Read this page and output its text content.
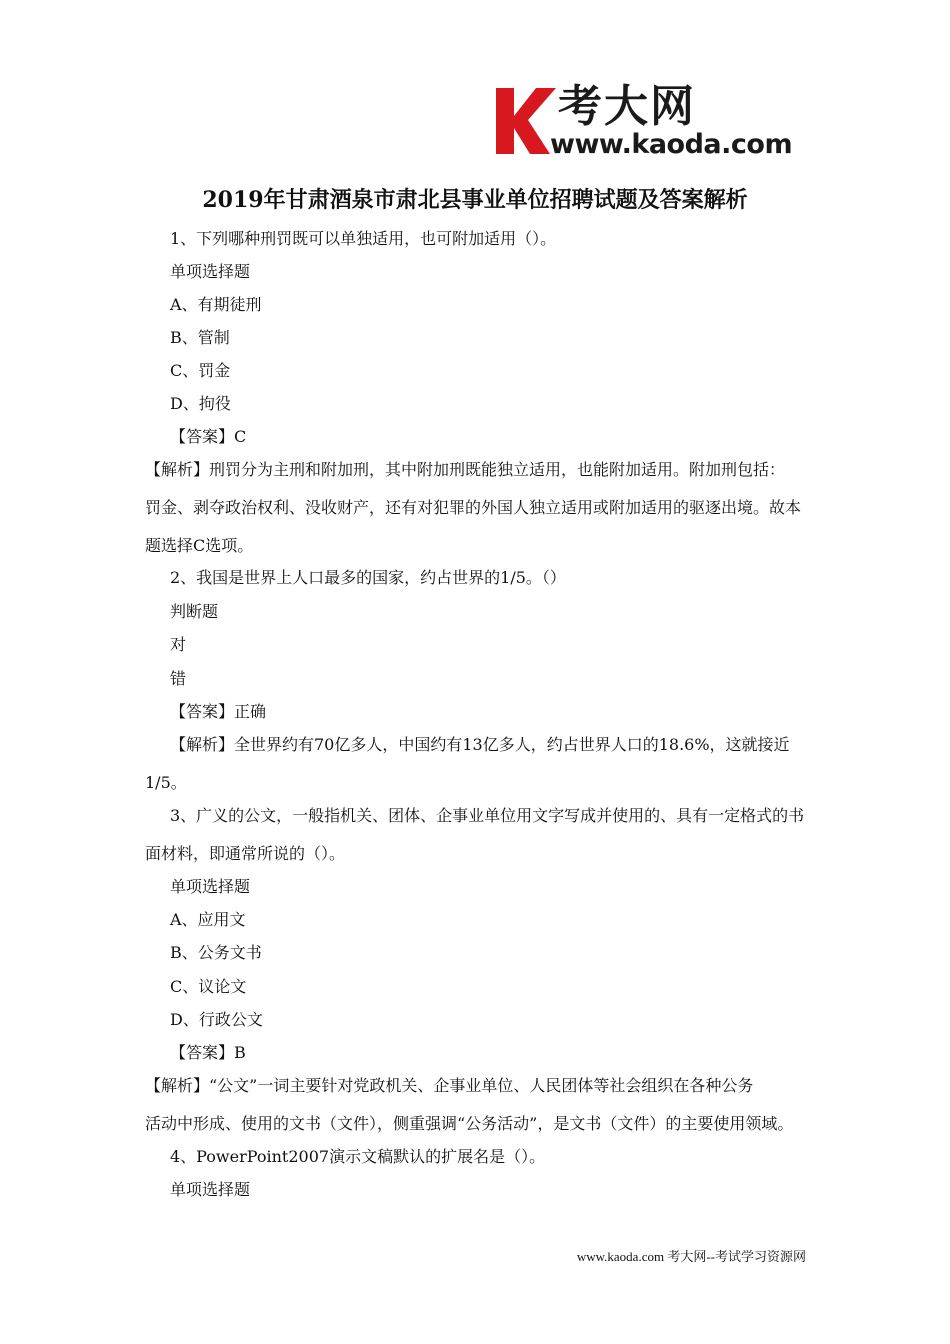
考大网
www.kaoda.com
2019年甘肃酒泉市肃北县事业单位招聘试题及答案解析
1、下列哪种刑罚既可以单独适用，也可附加适用（）。
单项选择题
A、有期徒刑
B、管制
C、罚金
D、拘役
【答案】C
【解析】刑罚分为主刑和附加刑，其中附加刑既能独立适用，也能附加适用。附加刑包括：
罚金、剥夺政治权利、没收财产，还有对犯罪的外国人独立适用或附加适用的驱逐出境。故本
题选择C选项。
2、我国是世界上人口最多的国家，约占世界的1/5。（）
判断题
对
错
【答案】正确
【解析】全世界约有70亿多人，中国约有13亿多人，约占世界人口的18.6%，这就接近
1/5。
3、广义的公文，一般指机关、团体、企事业单位用文字写成并使用的、具有一定格式的书
面材料，即通常所说的（）。
单项选择题
A、应用文
B、公务文书
C、议论文
D、行政公文
【答案】B
【解析】“公文”一词主要针对党政机关、企事业单位、人民团体等社会组织在各种公务
活动中形成、使用的文书（文件），侧重强调“公务活动”，是文书（文件）的主要使用领域。
4、PowerPoint2007演示文稿默认的扩展名是（）。
单项选择题
www.kaoda.com 考大网--考试学习资源网
